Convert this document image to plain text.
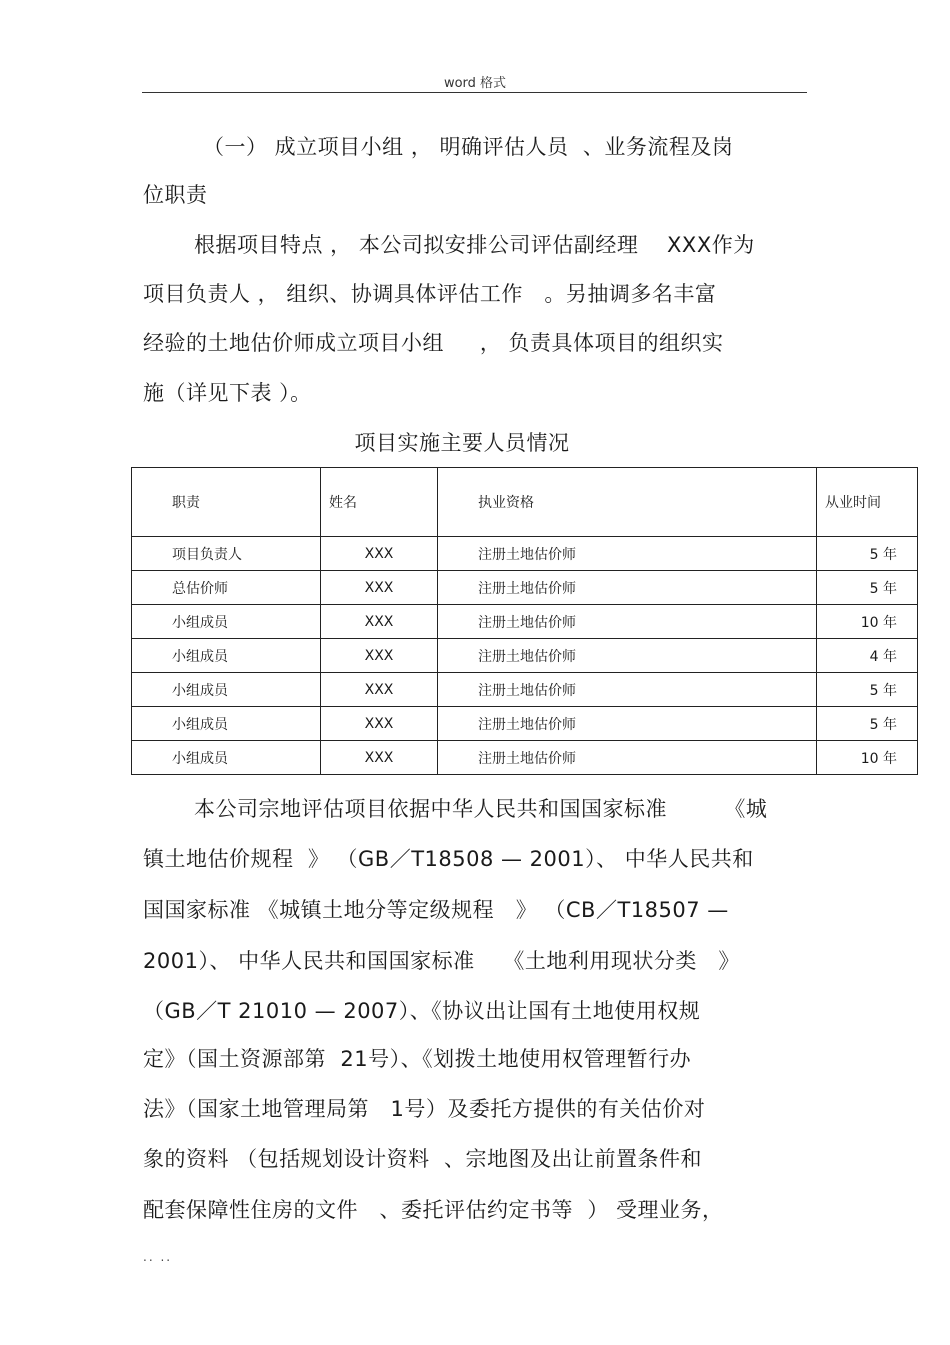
word 格式
（一） 成立项目小组 ， 明确评估人员  、业务流程及岗
位职责
根据项目特点 ， 本公司拟安排公司评估副经理    XXX作为
项目负责人 ， 组织、协调具体评估工作   。另抽调多名丰富
经验的土地估价师成立项目小组     ， 负责具体项目的组织实
施（详见下表 ）。
项目实施主要人员情况
职责	姓名	执业资格	从业时间
项目负责人	XXX	注册土地估价师	5 年
总估价师	XXX	注册土地估价师	5 年
小组成员	XXX	注册土地估价师	10 年
小组成员	XXX	注册土地估价师	4 年
小组成员	XXX	注册土地估价师	5 年
小组成员	XXX	注册土地估价师	5 年
小组成员	XXX	注册土地估价师	10 年
本公司宗地评估项目依据中华人民共和国国家标准        《城
镇土地估价规程  》 （GB／T18508 — 2001）、 中华人民共和
国国家标准 《城镇土地分等定级规程   》 （CB／T18507 —
2001）、 中华人民共和国国家标准    《土地利用现状分类   》
（GB／T 21010 — 2007）、《协议出让国有土地使用权规
定》（国土资源部第  21号）、《划拨土地使用权管理暂行办
法》（国家土地管理局第   1号）及委托方提供的有关估价对
象的资料 （包括规划设计资料  、宗地图及出让前置条件和
配套保障性住房的文件   、委托评估约定书等  ） 受理业务，
.. ..
